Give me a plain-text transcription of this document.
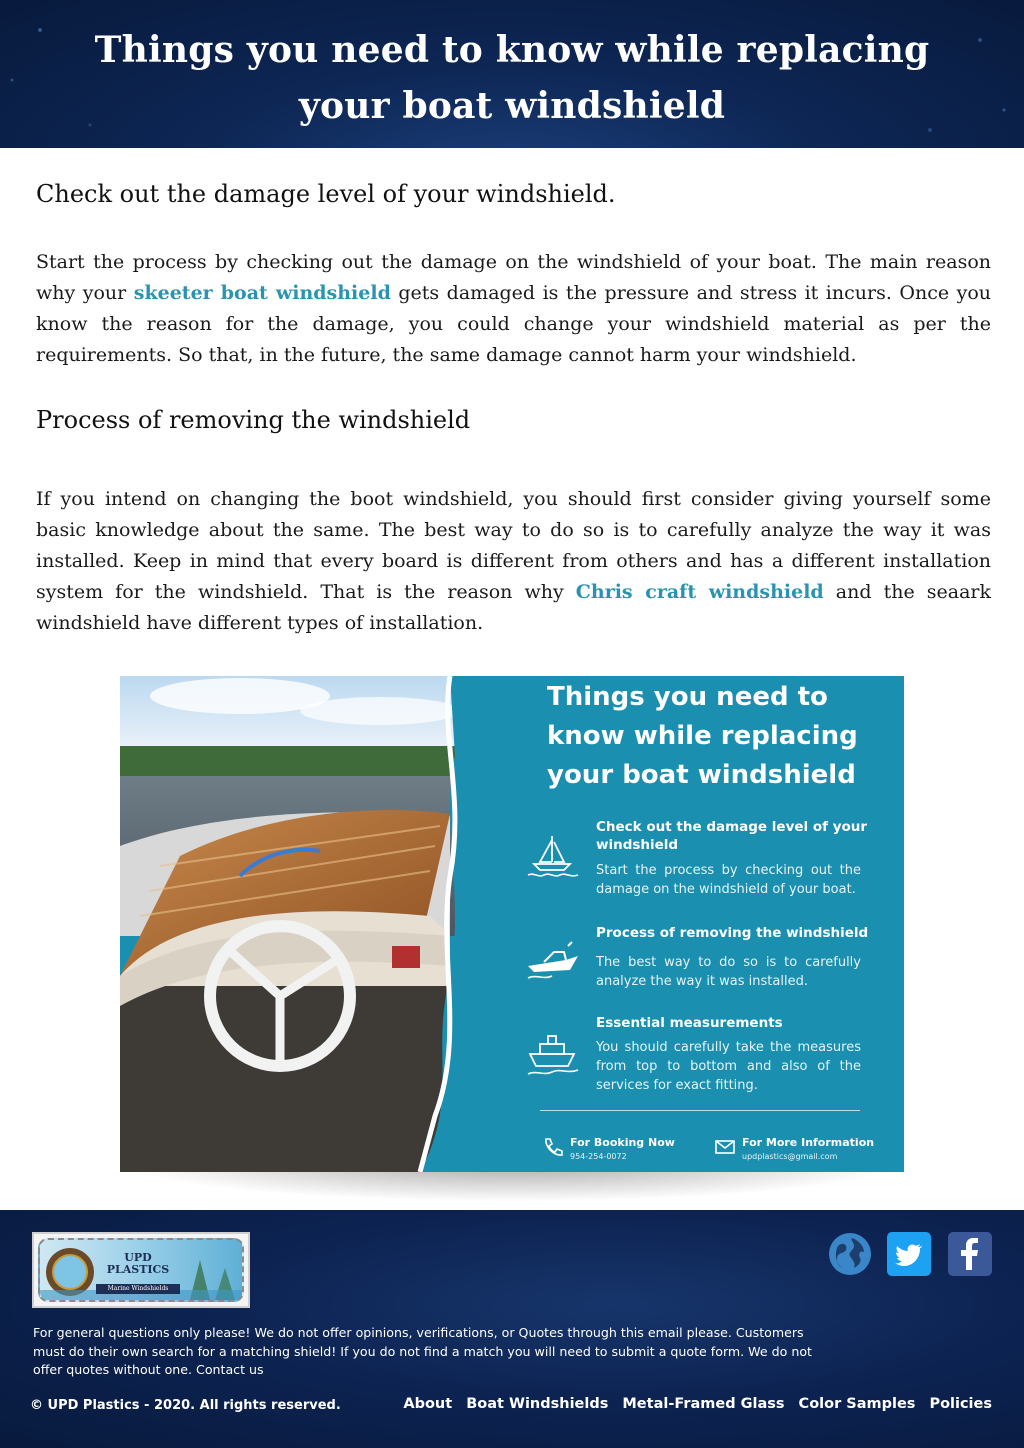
Things you need to know while replacing
your boat windshield
Check out the damage level of your windshield.

Start the process by checking out the damage on the windshield of your boat. The main reason why your skeeter boat windshield gets damaged is the pressure and stress it incurs. Once you know the reason for the damage, you could change your windshield material as per the requirements. So that, in the future, the same damage cannot harm your windshield.

Process of removing the windshield

If you intend on changing the boot windshield, you should first consider giving yourself some basic knowledge about the same. The best way to do so is to carefully analyze the way it was installed. Keep in mind that every board is different from others and has a different installation system for the windshield. That is the reason why Chris craft windshield and the seaark windshield have different types of installation.

Things you need to know while replacing your boat windshield
Check out the damage level of your windshield
Start the process by checking out the damage on the windshield of your boat.
Process of removing the windshield
The best way to do so is to carefully analyze the way it was installed.
Essential measurements
You should carefully take the measures from top to bottom and also of the services for exact fitting.
For Booking Now
954-254-0072
For More Information
updplastics@gmail.com
UPD PLASTICS
Marine Windshields
For general questions only please! We do not offer opinions, verifications, or Quotes through this email please. Customers must do their own search for a matching shield! If you do not find a match you will need to submit a quote form. We do not offer quotes without one. Contact us
© UPD Plastics - 2020. All rights reserved.	About Boat Windshields Metal-Framed Glass Color Samples Policies
